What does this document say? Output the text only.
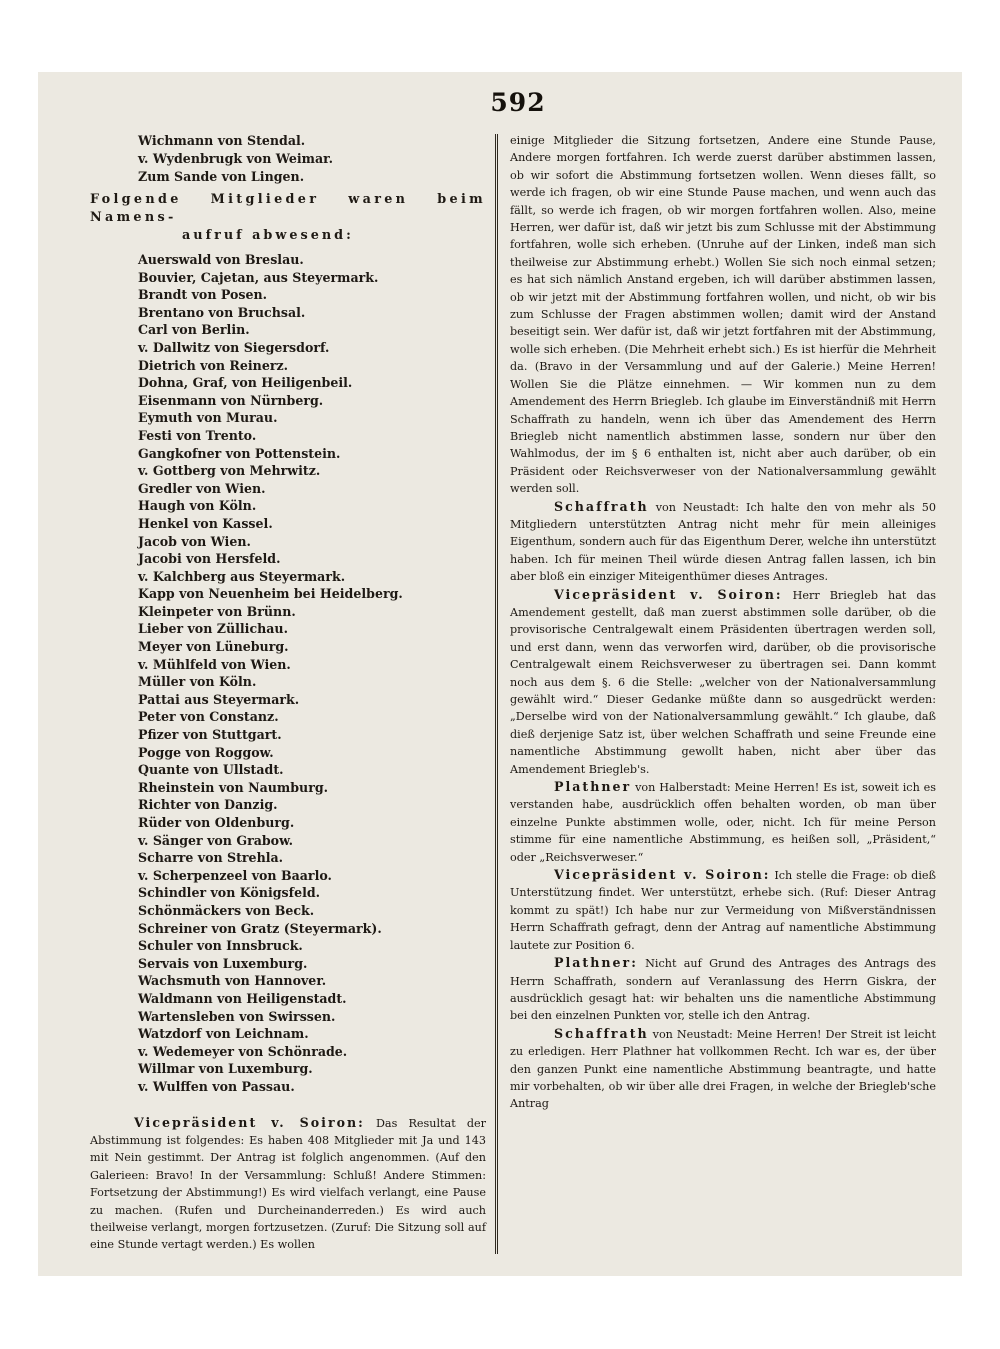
592
Wichmann von Stendal.
v. Wydenbrugk von Weimar.
Zum Sande von Lingen.
Folgende Mitglieder waren beim Namens-
aufruf abwesend:
Auerswald von Breslau.
Bouvier, Cajetan, aus Steyermark.
Brandt von Posen.
Brentano von Bruchsal.
Carl von Berlin.
v. Dallwitz von Siegersdorf.
Dietrich von Reinerz.
Dohna, Graf, von Heiligenbeil.
Eisenmann von Nürnberg.
Eymuth von Murau.
Festi von Trento.
Gangkofner von Pottenstein.
v. Gottberg von Mehrwitz.
Gredler von Wien.
Haugh von Köln.
Henkel von Kassel.
Jacob von Wien.
Jacobi von Hersfeld.
v. Kalchberg aus Steyermark.
Kapp von Neuenheim bei Heidelberg.
Kleinpeter von Brünn.
Lieber von Züllichau.
Meyer von Lüneburg.
v. Mühlfeld von Wien.
Müller von Köln.
Pattai aus Steyermark.
Peter von Constanz.
Pfizer von Stuttgart.
Pogge von Roggow.
Quante von Ullstadt.
Rheinstein von Naumburg.
Richter von Danzig.
Rüder von Oldenburg.
v. Sänger von Grabow.
Scharre von Strehla.
v. Scherpenzeel von Baarlo.
Schindler von Königsfeld.
Schönmäckers von Beck.
Schreiner von Gratz (Steyermark).
Schuler von Innsbruck.
Servais von Luxemburg.
Wachsmuth von Hannover.
Waldmann von Heiligenstadt.
Wartensleben von Swirssen.
Watzdorf von Leichnam.
v. Wedemeyer von Schönrade.
Willmar von Luxemburg.
v. Wulffen von Passau.

Vicepräsident v. Soiron: Das Resultat der Abstimmung ist folgendes: Es haben 408 Mitglieder mit Ja und 143 mit Nein gestimmt. Der Antrag ist folglich angenommen. (Auf den Galerieen: Bravo! In der Versammlung: Schluß! Andere Stimmen: Fortsetzung der Abstimmung!) Es wird vielfach verlangt, eine Pause zu machen. (Rufen und Durcheinanderreden.) Es wird auch theilweise verlangt, morgen fortzusetzen. (Zuruf: Die Sitzung soll auf eine Stunde vertagt werden.) Es wollen

einige Mitglieder die Sitzung fortsetzen, Andere eine Stunde Pause, Andere morgen fortfahren. Ich werde zuerst darüber abstimmen lassen, ob wir sofort die Abstimmung fortsetzen wollen. Wenn dieses fällt, so werde ich fragen, ob wir eine Stunde Pause machen, und wenn auch das fällt, so werde ich fragen, ob wir morgen fortfahren wollen. Also, meine Herren, wer dafür ist, daß wir jetzt bis zum Schlusse mit der Abstimmung fortfahren, wolle sich erheben. (Unruhe auf der Linken, indeß man sich theilweise zur Abstimmung erhebt.) Wollen Sie sich noch einmal setzen; es hat sich nämlich Anstand ergeben, ich will darüber abstimmen lassen, ob wir jetzt mit der Abstimmung fortfahren wollen, und nicht, ob wir bis zum Schlusse der Fragen abstimmen wollen; damit wird der Anstand beseitigt sein. Wer dafür ist, daß wir jetzt fortfahren mit der Abstimmung, wolle sich erheben. (Die Mehrheit erhebt sich.) Es ist hierfür die Mehrheit da. (Bravo in der Versammlung und auf der Galerie.) Meine Herren! Wollen Sie die Plätze einnehmen. — Wir kommen nun zu dem Amendement des Herrn Briegleb. Ich glaube im Einverständniß mit Herrn Schaffrath zu handeln, wenn ich über das Amendement des Herrn Briegleb nicht namentlich abstimmen lasse, sondern nur über den Wahlmodus, der im § 6 enthalten ist, nicht aber auch darüber, ob ein Präsident oder Reichsverweser von der Nationalversammlung gewählt werden soll.

Schaffrath von Neustadt: Ich halte den von mehr als 50 Mitgliedern unterstützten Antrag nicht mehr für mein alleiniges Eigenthum, sondern auch für das Eigenthum Derer, welche ihn unterstützt haben. Ich für meinen Theil würde diesen Antrag fallen lassen, ich bin aber bloß ein einziger Miteigenthümer dieses Antrages.

Vicepräsident v. Soiron: Herr Briegleb hat das Amendement gestellt, daß man zuerst abstimmen solle darüber, ob die provisorische Centralgewalt einem Präsidenten übertragen werden soll, und erst dann, wenn das verworfen wird, darüber, ob die provisorische Centralgewalt einem Reichsverweser zu übertragen sei. Dann kommt noch aus dem §. 6 die Stelle: „welcher von der Nationalversammlung gewählt wird.“ Dieser Gedanke müßte dann so ausgedrückt werden: „Derselbe wird von der Nationalversammlung gewählt.“ Ich glaube, daß dieß derjenige Satz ist, über welchen Schaffrath und seine Freunde eine namentliche Abstimmung gewollt haben, nicht aber über das Amendement Briegleb's.

Plathner von Halberstadt: Meine Herren! Es ist, soweit ich es verstanden habe, ausdrücklich offen behalten worden, ob man über einzelne Punkte abstimmen wolle, oder, nicht. Ich für meine Person stimme für eine namentliche Abstimmung, es heißen soll, „Präsident,“ oder „Reichsverweser.“

Vicepräsident v. Soiron: Ich stelle die Frage: ob dieß Unterstützung findet. Wer unterstützt, erhebe sich. (Ruf: Dieser Antrag kommt zu spät!) Ich habe nur zur Vermeidung von Mißverständnissen Herrn Schaffrath gefragt, denn der Antrag auf namentliche Abstimmung lautete zur Position 6.

Plathner: Nicht auf Grund des Antrages des Antrags des Herrn Schaffrath, sondern auf Veranlassung des Herrn Giskra, der ausdrücklich gesagt hat: wir behalten uns die namentliche Abstimmung bei den einzelnen Punkten vor, stelle ich den Antrag.

Schaffrath von Neustadt: Meine Herren! Der Streit ist leicht zu erledigen. Herr Plathner hat vollkommen Recht. Ich war es, der über den ganzen Punkt eine namentliche Abstimmung beantragte, und hatte mir vorbehalten, ob wir über alle drei Fragen, in welche der Briegleb'sche Antrag
